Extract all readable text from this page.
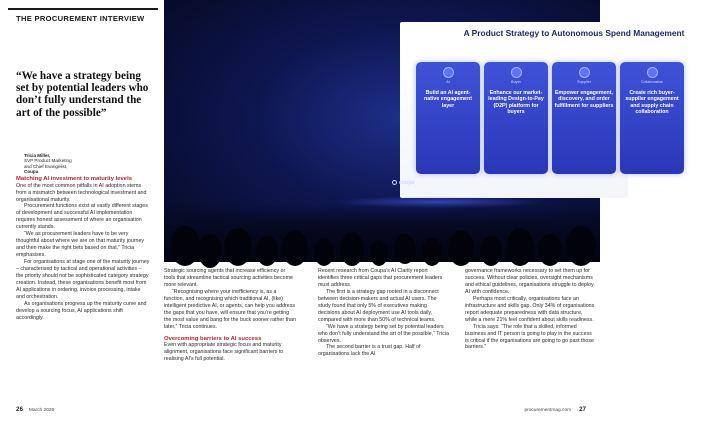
THE PROCUREMENT INTERVIEW
“We have a strategy being set by potential leaders who don’t fully understand the art of the possible”
Tricia Miller,
SVP Product Marketing
and Chief Evangelist,
Coupa

Matching AI investment to maturity levels

One of the most common pitfalls in AI adoption stems from a mismatch between technological investment and organisational maturity.

Procurement functions exist at vastly different stages of development and successful AI implementation requires honest assessment of where an organisation currently stands.

“We as procurement leaders have to be very thoughtful about where we are on that maturity journey and then make the right bets based on that,” Tricia emphasises.

For organisations at stage one of the maturity journey – characterised by tactical and operational activities – the priority should not be sophisticated category strategy creation. Instead, these organisations benefit most from AI applications in ordering, invoice processing, intake and orchestration.

As organisations progress up the maturity curve and develop a sourcing focus, AI applications shift accordingly.

A Product Strategy to Autonomous Spend Management
AI
Build an AI agent-native engagement layer
Buyer
Enhance our market-leading Design-to-Pay (D2P) platform for buyers
Supplier
Empower engagement, discovery, and order fulfillment for suppliers
Collaboration
Create rich buyer-supplier engagement and supply chain collaboration
coupa

Strategic sourcing agents that increase efficiency or tools that streamline tactical sourcing activities become more relevant.

“Recognising where your inefficiency is, as a function, and recognising which traditional AI, (like) intelligent predictive AI, or agents, can help you address the gaps that you have, will ensure that you’re getting the most value and bang for the buck sooner rather than later,” Tricia continues.

Overcoming barriers to AI success

Even with appropriate strategic focus and maturity alignment, organisations face significant barriers to realising AI’s full potential.

Recent research from Coupa’s AI Clarity report identifies three critical gaps that procurement leaders must address.

The first is a strategy gap rooted in a disconnect between decision-makers and actual AI users. The study found that only 5% of executives making decisions about AI deployment use AI tools daily, compared with more than 50% of technical teams.

“We have a strategy being set by potential leaders who don’t fully understand the art of the possible,” Tricia observes.

The second barrier is a trust gap. Half of organisations lack the AI

governance frameworks necessary to set them up for success. Without clear policies, oversight mechanisms and ethical guidelines, organisations struggle to deploy AI with confidence.

Perhaps most critically, organisations face an infrastructure and skills gap. Only 34% of organisations report adequate preparedness with data structure, while a mere 21% feel confident about skills readiness.

Tricia says: “The role that a skilled, informed business and IT person is going to play in the success is critical if the organisations are going to go past those barriers.”

26 March 2026	procurementmag.com 27
